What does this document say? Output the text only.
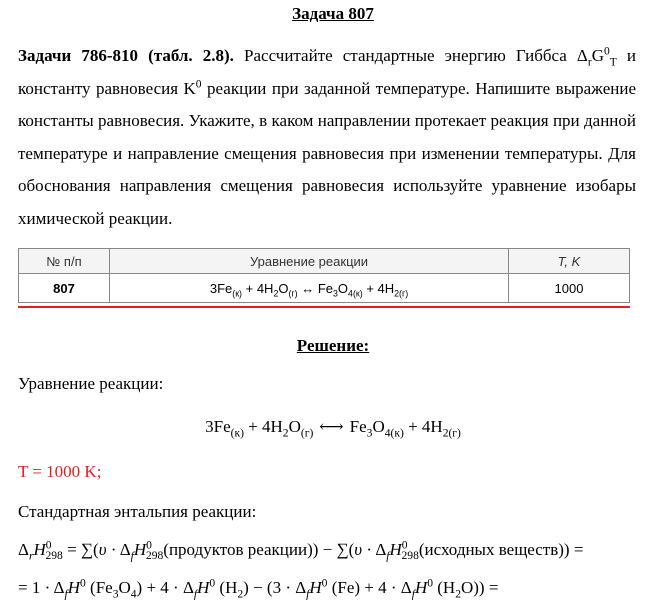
Задача 807
Задачи 786-810 (табл. 2.8). Рассчитайте стандартные энергию Гиббса $\Delta_rG^0_T$ и константу равновесия $K^0$ реакции при заданной температуре. Напишите выражение константы равновесия. Укажите, в каком направлении протекает реакция при данной температуре и направление смещения равновесия при изменении температуры. Для обоснования направления смещения равновесия используйте уравнение изобары химической реакции.
№ п/п	Уравнение реакции	T, K
807	$3Fe_{(к)} + 4H_2O_{(г)}$ ↔ $Fe_3O_{4(к)} + 4H_{2(г)}$	1000
Решение:
Уравнение реакции:
$3Fe_{(к)} + 4H_2O_{(г)}$ ⟷ $Fe_3O_{4(к)} + 4H_{2(г)}$
T = 1000 K;
Стандартная энтальпия реакции:
$\Delta_rH^0_{298} = \sum(\upsilon$ · $\Delta_fH^0_{298}(продуктов$ реакции)) − $\sum(\upsilon \cdot \Delta_fH^0_{298}(исходных$ веществ)) =
= $1 \cdot \Delta_fH^0$ $(Fe_3O_4) + 4 \cdot \Delta_fH^0$ $(H_2) - (3 \cdot \Delta_fH^0$ $(Fe) + 4 \cdot \Delta_fH^0$ $(H_2O)$) =
